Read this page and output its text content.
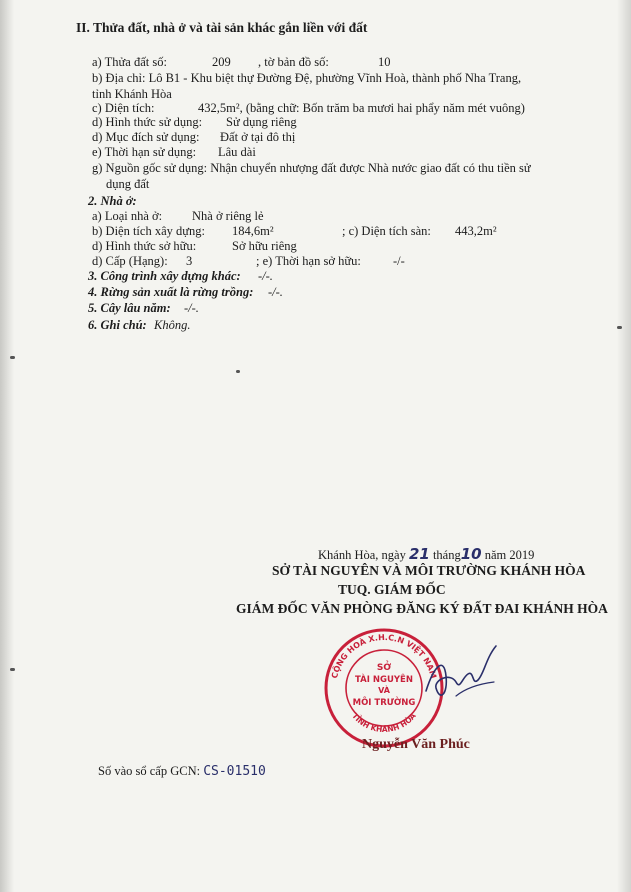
II. Thửa đất, nhà ở và tài sản khác gắn liền với đất
a) Thửa đất số:	209 , tờ bản đồ số:	10
b) Địa chỉ: Lô B1 - Khu biệt thự Đường Đệ, phường Vĩnh Hoà, thành phố Nha Trang,
tỉnh Khánh Hòa
c) Diện tích:	432,5m², (bằng chữ: Bốn trăm ba mươi hai phẩy năm mét vuông)
d) Hình thức sử dụng: Sử dụng riêng
d) Mục đích sử dụng: Đất ở tại đô thị
e) Thời hạn sử dụng: Lâu dài
g) Nguồn gốc sử dụng: Nhận chuyển nhượng đất được Nhà nước giao đất có thu tiền sử
dụng đất
2. Nhà ở:
a) Loại nhà ở: Nhà ở riêng lẻ
b) Diện tích xây dựng: 184,6m²	; c) Diện tích sàn: 443,2m²
d) Hình thức sở hữu:	Sở hữu riêng
d) Cấp (Hạng): 3	; e) Thời hạn sở hữu:	-/-
3. Công trình xây dựng khác: -/-.
4. Rừng sản xuất là rừng trồng: -/-.
5. Cây lâu năm: -/-.
6. Ghi chú: Không.
Khánh Hòa, ngày 21 tháng10 năm 2019
SỞ TÀI NGUYÊN VÀ MÔI TRƯỜNG KHÁNH HÒA
TUQ. GIÁM ĐỐC
GIÁM ĐỐC VĂN PHÒNG ĐĂNG KÝ ĐẤT ĐAI KHÁNH HÒA
CỘNG HOÀ X.H.C.N VIỆT NAM
TỈNH KHÁNH HÒA
SỞ
TÀI NGUYÊN
VÀ
MÔI TRƯỜNG
Nguyễn Văn Phúc
Số vào sổ cấp GCN: CS-01510
